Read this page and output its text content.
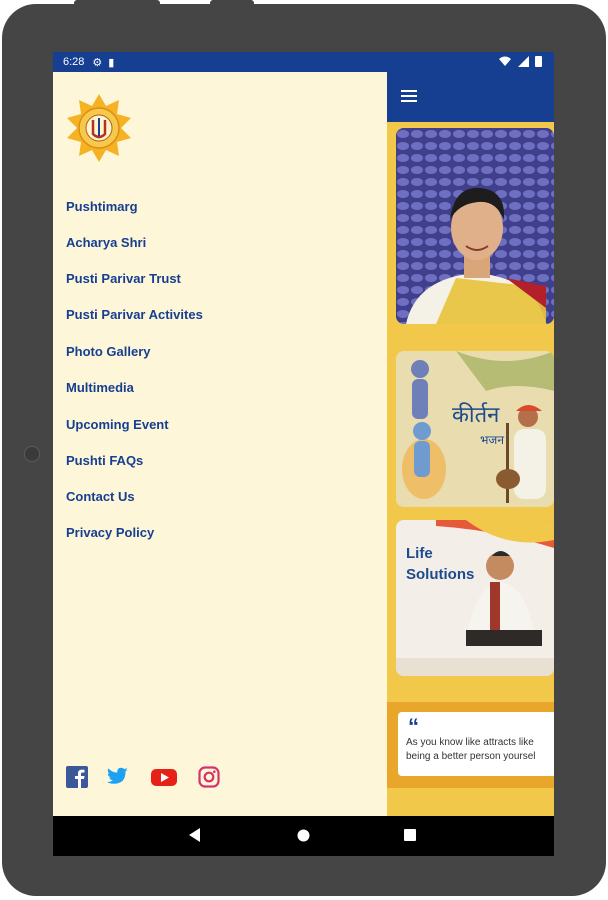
6:28 ⚙ ▮
कीर्तन
भजन
Life
Solutions
“
As you know like attracts like
being a better person yoursel
Pushtimarg
Acharya Shri
Pusti Parivar Trust
Pusti Parivar Activites
Photo Gallery
Multimedia
Upcoming Event
Pushti FAQs
Contact Us
Privacy Policy
